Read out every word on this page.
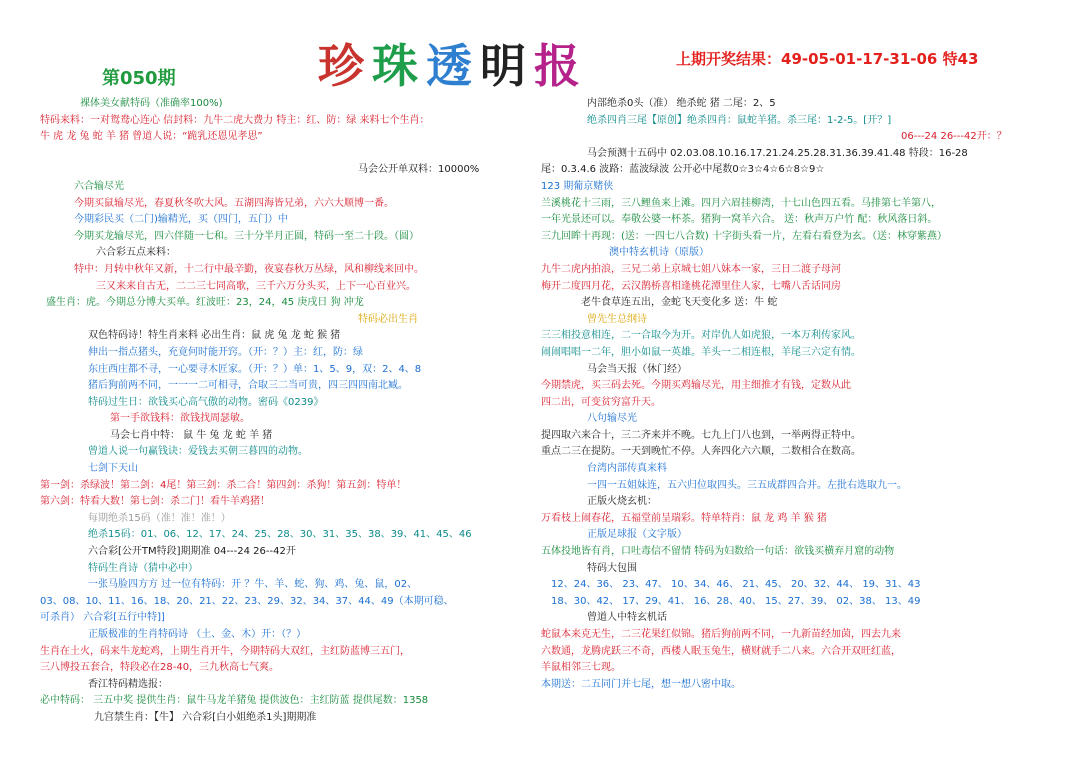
珍珠透明报
第050期
上期开奖结果：49-05-01-17-31-06 特43
裸体美女献特码（准确率100%)
特码来料：一对鸳鸯心连心 信封料：九牛二虎大费力 特主：红、防：绿 来料七个生肖：
牛 虎 龙 兔 蛇 羊 猪 曾道人说：“跪乳还恩见孝思”
马会公开单双料：10000%
六合输尽光
今期买鼠输尽光，春夏秋冬吹大风。五湖四海皆兄弟，六六大顺博一番。
今期彩民买（二门)输精光，买（四门，五门）中
今期买龙输尽光，四六伴随一七和。三十分半月正圆，特码一至二十段。（圆）
六合彩五点来料：
特中：月转中秋年又新，十二行中最辛勤，夜宴春秋万丛绿，风和柳线来回中。
三又来来自古无，二二三七同高歌，三千六万分头买，上下一心百业兴。
盛生肖：虎。今期总分博大买单。红波旺：23，24，45 庚戌日 狗 冲龙
特码必出生肖
双色特码诗！特生肖来料 必出生肖：鼠 虎 兔 龙 蛇 猴 猪
伸出一指点猪头，充竟何时能开窍。（开：？）主：红，防：绿
东庄西庄都不寻，一心要寻木匠家。（开：？）单：1、5、9，双：2、4、8
猪后狗前两不同，一一一二可相寻，合取三二当可贵，四三四四南北臧。
特码过生日：欲钱买心高气傲的动物。密码《0239》
第一手欲钱料：欲钱找周瑟敏。
马会七肖中特： 鼠 牛 兔 龙 蛇 羊 猪
曾道人说一句赢钱诀：爱钱去买朝三暮四的动物。
七剑下天山
第一剑：杀绿波！第二剑：4尾！第三剑：杀二合！第四剑：杀狗！第五剑：特单！
第六剑：特看大数！第七剑：杀二门！看牛羊鸡猪！
每期绝杀15码（准！准！准！）
绝杀15码：01、06、12、17、24、25、28、30、31、35、38、39、41、45、46
六合彩[公开TM特段]期期准 04---24 26--42开
特码生肖诗（猜中必中）
一张马脸四方方 过一位有特码：开 ？牛、羊、蛇、狗、鸡、兔、鼠，02、
03、08、10、11、16、18、20、21、22、23、29、32、34、37、44、49（本期可稳、
可杀肖） 六合彩[五行中特]]
正版极准的生肖特码诗 （土、金、木）开：（？）
生肖在土火，码来牛龙蛇鸡，上期生肖开牛，今期特码大双红，主红防蓝博三五门，
三八博投五套合，特段必在28-40，三九秋高七气爽。
香江特码精选报：
必中特码： 三五中奖 提供生肖：鼠牛马龙羊猪兔 提供波色：主红防蓝 提供尾数：1358
九宫禁生肖：【牛】 六合彩[白小姐绝杀1头]期期准
内部绝杀0头（准） 绝杀蛇 猪 二尾：2、5
绝杀四肖三尾【原创】绝杀四肖：鼠蛇羊猪。杀三尾：1-2-5。[开？]
06---24 26---42开：？
马会预测十五码中 02.03.08.10.16.17.21.24.25.28.31.36.39.41.48 特段：16-28
尾：0.3.4.6 波路：蓝波绿波 公开必中尾数0☆3☆4☆6☆8☆9☆
123 期葡京赌侠
兰溪桃花十三雨，三八鲤鱼来上滩。四月六眉挂柳湾，十七山色四五看。马排第七羊第八，
一年光景还可以。奉敬公婆一杯茶。猪狗一窝羊六合。 送：秋声万户竹 配：秋风落日斜。
三九回眸十再现：(送：一四七八合数) 十字街头看一片，左看右看登为玄。（送：林穿紫燕）
澳中特玄机诗（原版）
九牛二虎内拍浪，三兄二弟上京城七姐八妹本一家，三日二渡子母河
梅开二度四月花，云汉鹊桥喜相逢桃花潭里住人家，七嘴八舌话同房
老牛食草连五出，金蛇飞天变化多 送：牛 蛇
曾先生总纲诗
三三相投意相连，二一合取今为开。对岸仇人如虎狼，一本万利传家风。
闹闹唱唱一二年，胆小如鼠一英雄。羊头一二相连根，羊尾三六定有情。
马会当天报（休门经）
今期禁虎，买三码去死。今期买鸡输尽光，用主细推才有钱，定数从此
四二出，可变贫穷富升天。
八句输尽光
提四取六来合十，三二齐来并不晚。七九上门八也到，一举两得正特中。
重点二三在提防。一天到晚忙不停。人奔四化六六顺，二数相合在数高。
台湾内部传真来料
一四一五姐妹连，五六归位取四头。三五成群四合并。左批右选取九一。
正版火烧玄机：
万看枝上闹春花，五福堂前呈瑞彩。特单特肖：鼠 龙 鸡 羊 猴 猪
正版足球报（文字版）
五体投地皆有肖，口吐毒信不留情 特码为妇数给一句话：欲钱买横弃月窟的动物
特码大包围
12、24、36、 23、47、 10、34、46、 21、45、 20、32、44、 19、31、43
18、30、42、 17、29、41、 16、28、40、 15、27、39、 02、38、 13、49
曾道人中特玄机话
蛇鼠本来克无生，二三花果红似锦。猪后狗前两不同，一九新苗经加茵，四去九来
六数通，龙腾虎跃三不奇，西楼人眠玉兔生，横财就手二八来。六合开双旺红蓝，
羊鼠相邻三七现。
本期送：二五同门并七尾，想一想八密中取。
